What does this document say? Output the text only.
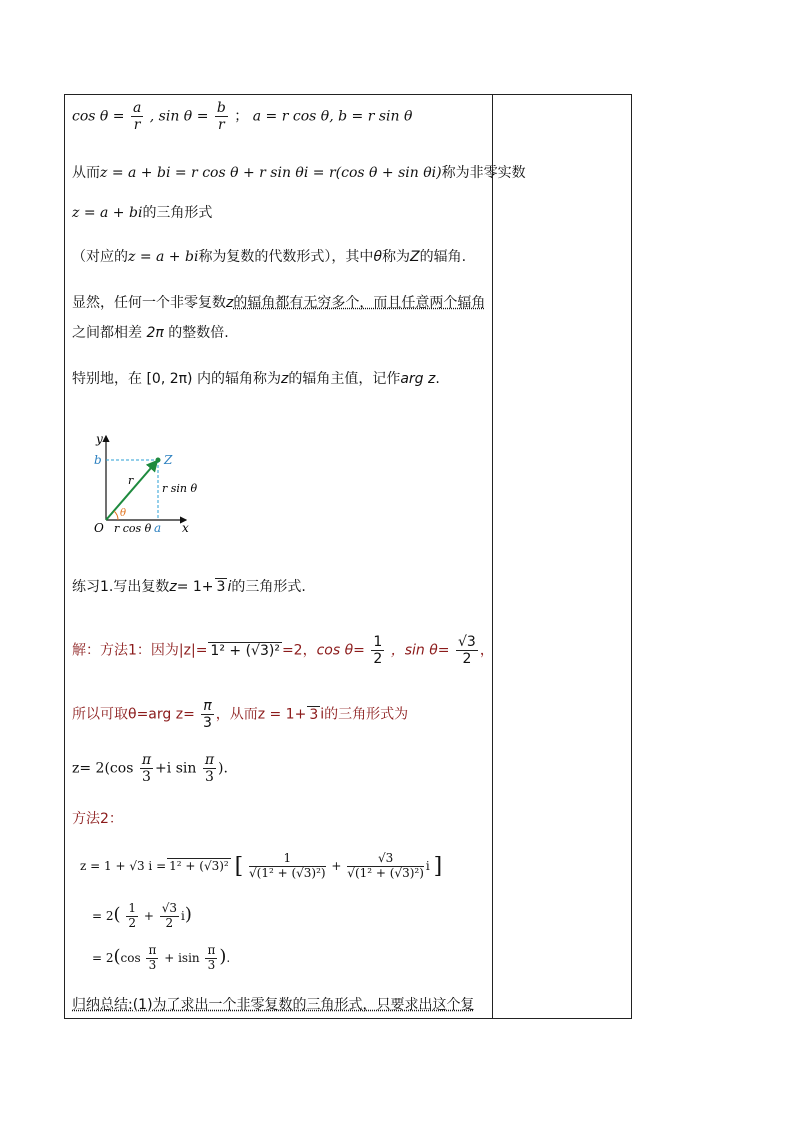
$\cos \theta = \frac{a}{r}$ , $\sin \theta = \frac{b}{r}$ ； a = r cos θ, b = r sin θ
从而z = a + bi = r cos θ + r sin θi = r(cos θ + sin θi)称为非零实数
z = a + bi的三角形式
（对应的z = a + bi称为复数的代数形式），其中θ称为Z的辐角.
显然，任何一个非零复数z的辐角都有无穷多个，而且任意两个辐角
之间都相差 2π 的整数倍.
特别地，在 [0, 2π) 内的辐角称为z的辐角主值，记作arg z.
y
b	Z
r
r sin θ
θ
O r cos θ a x
练习1.写出复数z= 1+ 3 i的三角形式.
解：方法1：因为|z|= 1² + (√3)² =2，$\cos \theta= \frac{1}{2}$ ，$\sin \theta= \frac{√3}{2}$ ，
所以可取θ=arg $z= \frac{\pi}{3}$ ，从而z = 1+ 3 i的三角形式为
$z= 2(\cos \frac{\pi}{3} +i$ $\sin \frac{\pi}{3}$ ).
方法2：
z = 1 + √3 i = 1² + (√3)² [ $\frac{1}{\text{√(1² + (√3)²)}} + \frac{√3}{\text{√(1² + (√3)²)}}$ i ]
= $2( \frac{1}{2} + \frac{√3}{2} i)$
= $2(\cos \frac{\pi}{3} + isin \frac{\pi}{3}$ ).
归纳总结:(1)为了求出一个非零复数的三角形式，只要求出这个复
